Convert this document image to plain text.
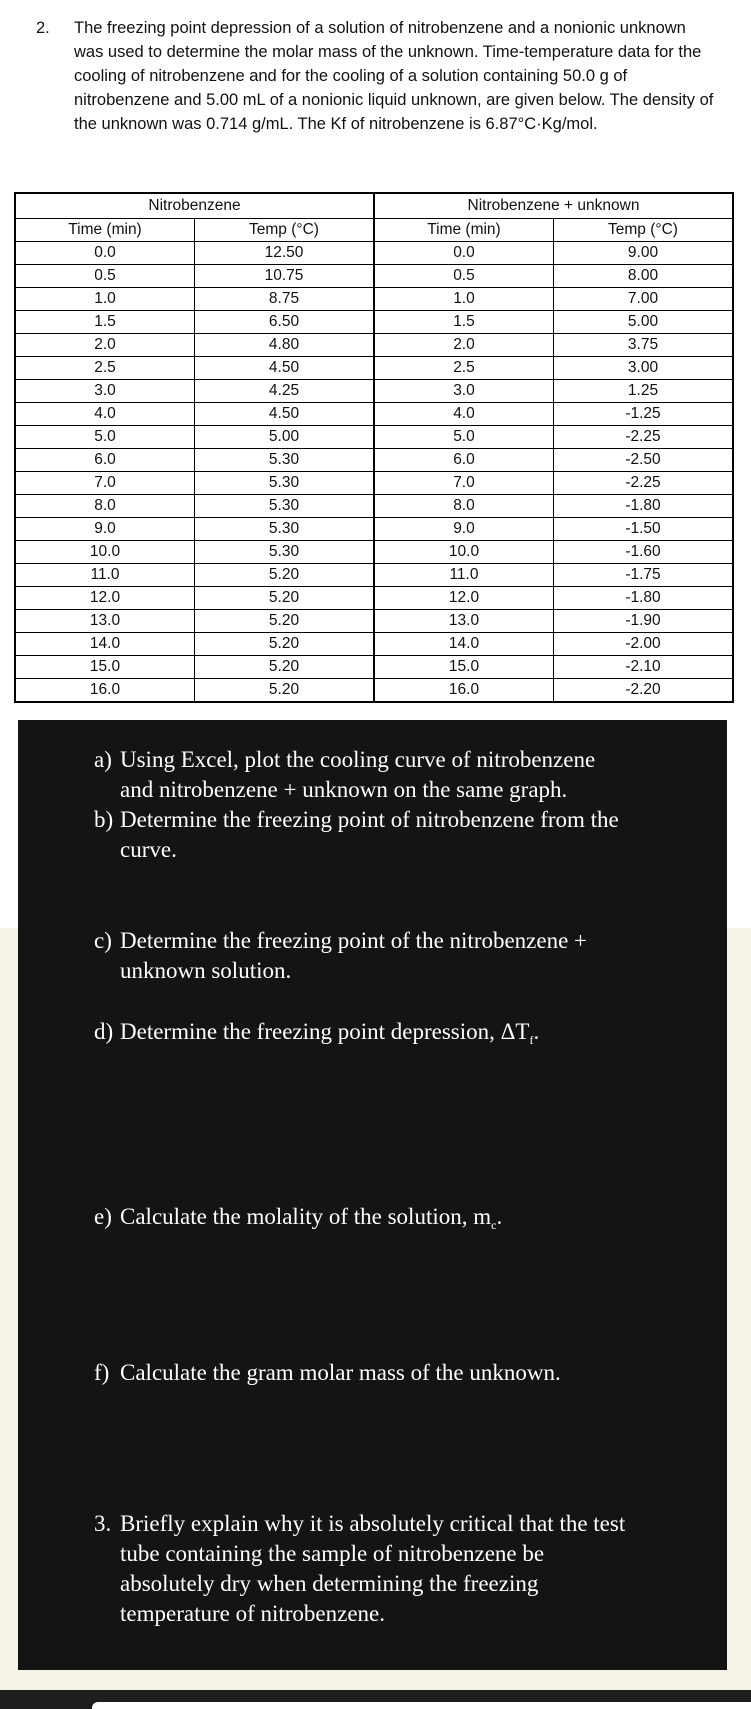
2. The freezing point depression of a solution of nitrobenzene and a nonionic unknown
was used to determine the molar mass of the unknown. Time-temperature data for the
cooling of nitrobenzene and for the cooling of a solution containing 50.0 g of
nitrobenzene and 5.00 mL of a nonionic liquid unknown, are given below. The density of
the unknown was 0.714 g/mL. The Kf of nitrobenzene is 6.87°C·Kg/mol.
Nitrobenzene		Nitrobenzene + unknown	
Time (min)	Temp (°C)	Time (min)	Temp (°C)
0.0	12.50	0.0	9.00
0.5	10.75	0.5	8.00
1.0	8.75	1.0	7.00
1.5	6.50	1.5	5.00
2.0	4.80	2.0	3.75
2.5	4.50	2.5	3.00
3.0	4.25	3.0	1.25
4.0	4.50	4.0	-1.25
5.0	5.00	5.0	-2.25
6.0	5.30	6.0	-2.50
7.0	5.30	7.0	-2.25
8.0	5.30	8.0	-1.80
9.0	5.30	9.0	-1.50
10.0	5.30	10.0	-1.60
11.0	5.20	11.0	-1.75
12.0	5.20	12.0	-1.80
13.0	5.20	13.0	-1.90
14.0	5.20	14.0	-2.00
15.0	5.20	15.0	-2.10
16.0	5.20	16.0	-2.20
a) Using Excel, plot the cooling curve of nitrobenzene
and nitrobenzene + unknown on the same graph.
b) Determine the freezing point of nitrobenzene from the
curve.
c) Determine the freezing point of the nitrobenzene +
unknown solution.
d) Determine the freezing point depression, $\Delta T_f$.
e) Calculate the molality of the solution, $m_c$.
f) Calculate the gram molar mass of the unknown.
3. Briefly explain why it is absolutely critical that the test
tube containing the sample of nitrobenzene be
absolutely dry when determining the freezing
temperature of nitrobenzene.
